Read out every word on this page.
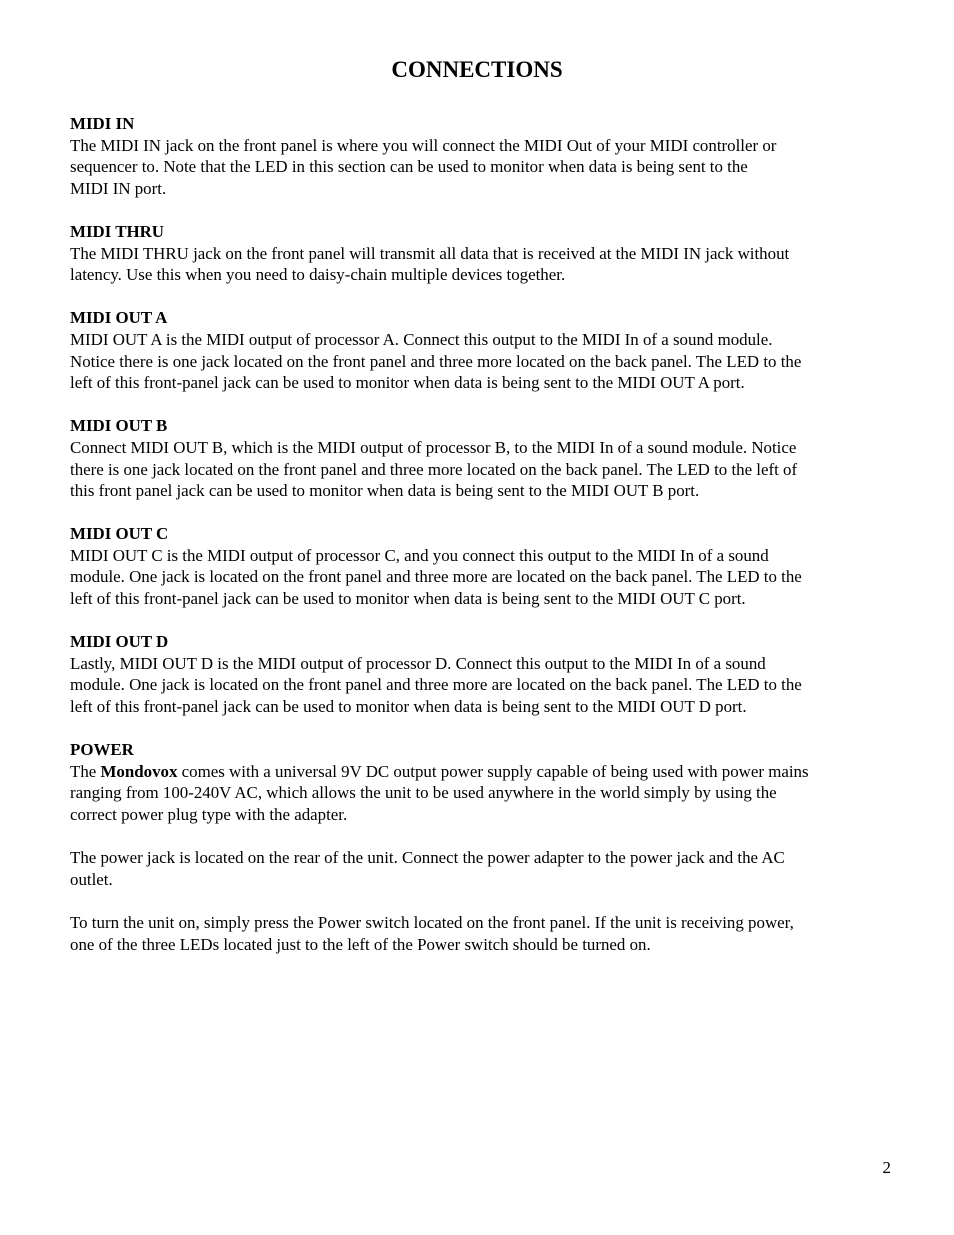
CONNECTIONS
MIDI IN
The MIDI IN jack on the front panel is where you will connect the MIDI Out of your MIDI controller or
sequencer to. Note that the LED in this section can be used to monitor when data is being sent to the
MIDI IN port.
MIDI THRU
The MIDI THRU jack on the front panel will transmit all data that is received at the MIDI IN jack without
latency. Use this when you need to daisy-chain multiple devices together.
MIDI OUT A
MIDI OUT A is the MIDI output of processor A. Connect this output to the MIDI In of a sound module.
Notice there is one jack located on the front panel and three more located on the back panel. The LED to the
left of this front-panel jack can be used to monitor when data is being sent to the MIDI OUT A port.
MIDI OUT B
Connect MIDI OUT B, which is the MIDI output of processor B, to the MIDI In of a sound module. Notice
there is one jack located on the front panel and three more located on the back panel. The LED to the left of
this front panel jack can be used to monitor when data is being sent to the MIDI OUT B port.
MIDI OUT C
MIDI OUT C is the MIDI output of processor C, and you connect this output to the MIDI In of a sound
module. One jack is located on the front panel and three more are located on the back panel. The LED to the
left of this front-panel jack can be used to monitor when data is being sent to the MIDI OUT C port.
MIDI OUT D
Lastly, MIDI OUT D is the MIDI output of processor D. Connect this output to the MIDI In of a sound
module. One jack is located on the front panel and three more are located on the back panel. The LED to the
left of this front-panel jack can be used to monitor when data is being sent to the MIDI OUT D port.
POWER
The Mondovox comes with a universal 9V DC output power supply capable of being used with power mains
ranging from 100-240V AC, which allows the unit to be used anywhere in the world simply by using the
correct power plug type with the adapter.
The power jack is located on the rear of the unit. Connect the power adapter to the power jack and the AC
outlet.
To turn the unit on, simply press the Power switch located on the front panel. If the unit is receiving power,
one of the three LEDs located just to the left of the Power switch should be turned on.
2
